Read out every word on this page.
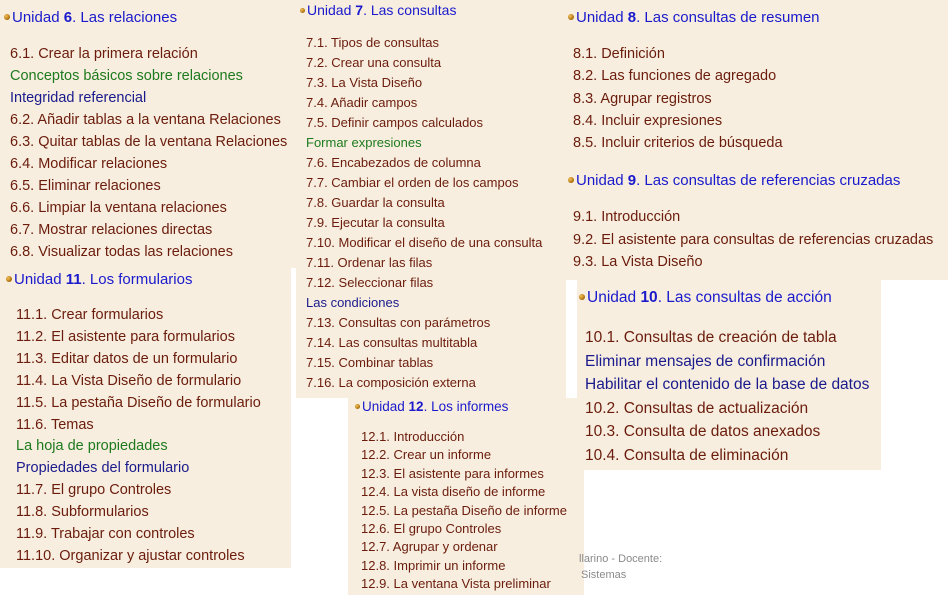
Unidad 6. Las relaciones
6.1. Crear la primera relación
Conceptos básicos sobre relaciones
Integridad referencial
6.2. Añadir tablas a la ventana Relaciones
6.3. Quitar tablas de la ventana Relaciones
6.4. Modificar relaciones
6.5. Eliminar relaciones
6.6. Limpiar la ventana relaciones
6.7. Mostrar relaciones directas
6.8. Visualizar todas las relaciones
Unidad 11. Los formularios
11.1. Crear formularios
11.2. El asistente para formularios
11.3. Editar datos de un formulario
11.4. La Vista Diseño de formulario
11.5. La pestaña Diseño de formulario
11.6. Temas
La hoja de propiedades
Propiedades del formulario
11.7. El grupo Controles
11.8. Subformularios
11.9. Trabajar con controles
11.10. Organizar y ajustar controles
Unidad 7. Las consultas
7.1. Tipos de consultas
7.2. Crear una consulta
7.3. La Vista Diseño
7.4. Añadir campos
7.5. Definir campos calculados
Formar expresiones
7.6. Encabezados de columna
7.7. Cambiar el orden de los campos
7.8. Guardar la consulta
7.9. Ejecutar la consulta
7.10. Modificar el diseño de una consulta
7.11. Ordenar las filas
7.12. Seleccionar filas
Las condiciones
7.13. Consultas con parámetros
7.14. Las consultas multitabla
7.15. Combinar tablas
7.16. La composición externa
Unidad 12. Los informes
12.1. Introducción
12.2. Crear un informe
12.3. El asistente para informes
12.4. La vista diseño de informe
12.5. La pestaña Diseño de informe
12.6. El grupo Controles
12.7. Agrupar y ordenar
12.8. Imprimir un informe
12.9. La ventana Vista preliminar
Unidad 8. Las consultas de resumen
8.1. Definición
8.2. Las funciones de agregado
8.3. Agrupar registros
8.4. Incluir expresiones
8.5. Incluir criterios de búsqueda
Unidad 9. Las consultas de referencias cruzadas
9.1. Introducción
9.2. El asistente para consultas de referencias cruzadas
9.3. La Vista Diseño
Unidad 10. Las consultas de acción
10.1. Consultas de creación de tabla
Eliminar mensajes de confirmación
Habilitar el contenido de la base de datos
10.2. Consultas de actualización
10.3. Consulta de datos anexados
10.4. Consulta de eliminación
llarino - Docente:
Sistemas
